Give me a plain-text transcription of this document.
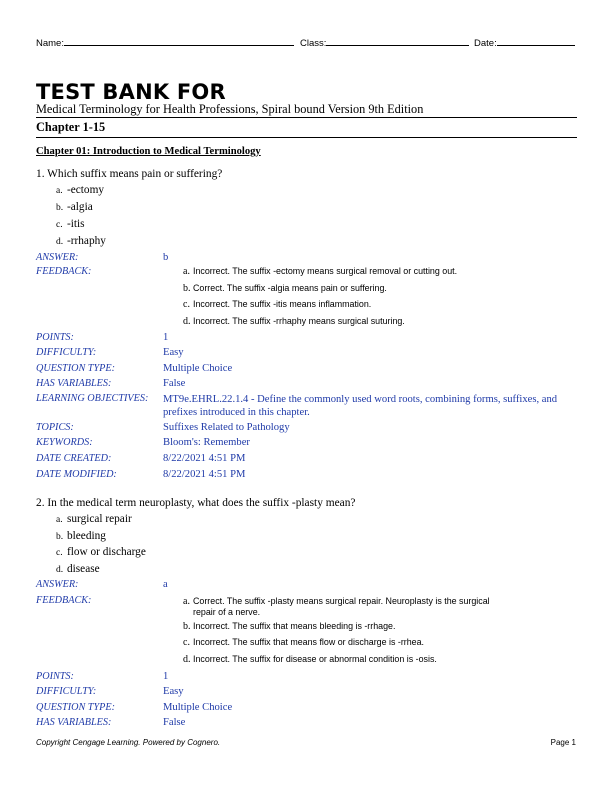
Name:	Class:	Date:
TEST BANK FOR
Medical Terminology for Health Professions, Spiral bound Version 9th Edition
Chapter 1-15
Chapter 01: Introduction to Medical Terminology
1. Which suffix means pain or suffering?
a. -ectomy
b. -algia
c. -itis
d. -rrhaphy
ANSWER:	b
FEEDBACK:	a. Incorrect. The suffix -ectomy means surgical removal or cutting out.
b. Correct. The suffix -algia means pain or suffering.
c. Incorrect. The suffix -itis means inflammation.
d. Incorrect. The suffix -rrhaphy means surgical suturing.
POINTS:	1
DIFFICULTY:	Easy
QUESTION TYPE:	Multiple Choice
HAS VARIABLES:	False
LEARNING OBJECTIVES: MT9e.EHRL.22.1.4 - Define the commonly used word roots, combining forms, suffixes, and prefixes introduced in this chapter.
TOPICS:	Suffixes Related to Pathology
KEYWORDS:	Bloom's: Remember
DATE CREATED:	8/22/2021 4:51 PM
DATE MODIFIED:	8/22/2021 4:51 PM
2. In the medical term neuroplasty, what does the suffix -plasty mean?
a. surgical repair
b. bleeding
c. flow or discharge
d. disease
ANSWER:	a
FEEDBACK:	a. Correct. The suffix -plasty means surgical repair. Neuroplasty is the surgical
repair of a nerve.
b. Incorrect. The suffix that means bleeding is -rrhage.
c. Incorrect. The suffix that means flow or discharge is -rrhea.
d. Incorrect. The suffix for disease or abnormal condition is -osis.
POINTS:	1
DIFFICULTY:	Easy
QUESTION TYPE:	Multiple Choice
HAS VARIABLES:	False
Copyright Cengage Learning. Powered by Cognero.	Page 1
